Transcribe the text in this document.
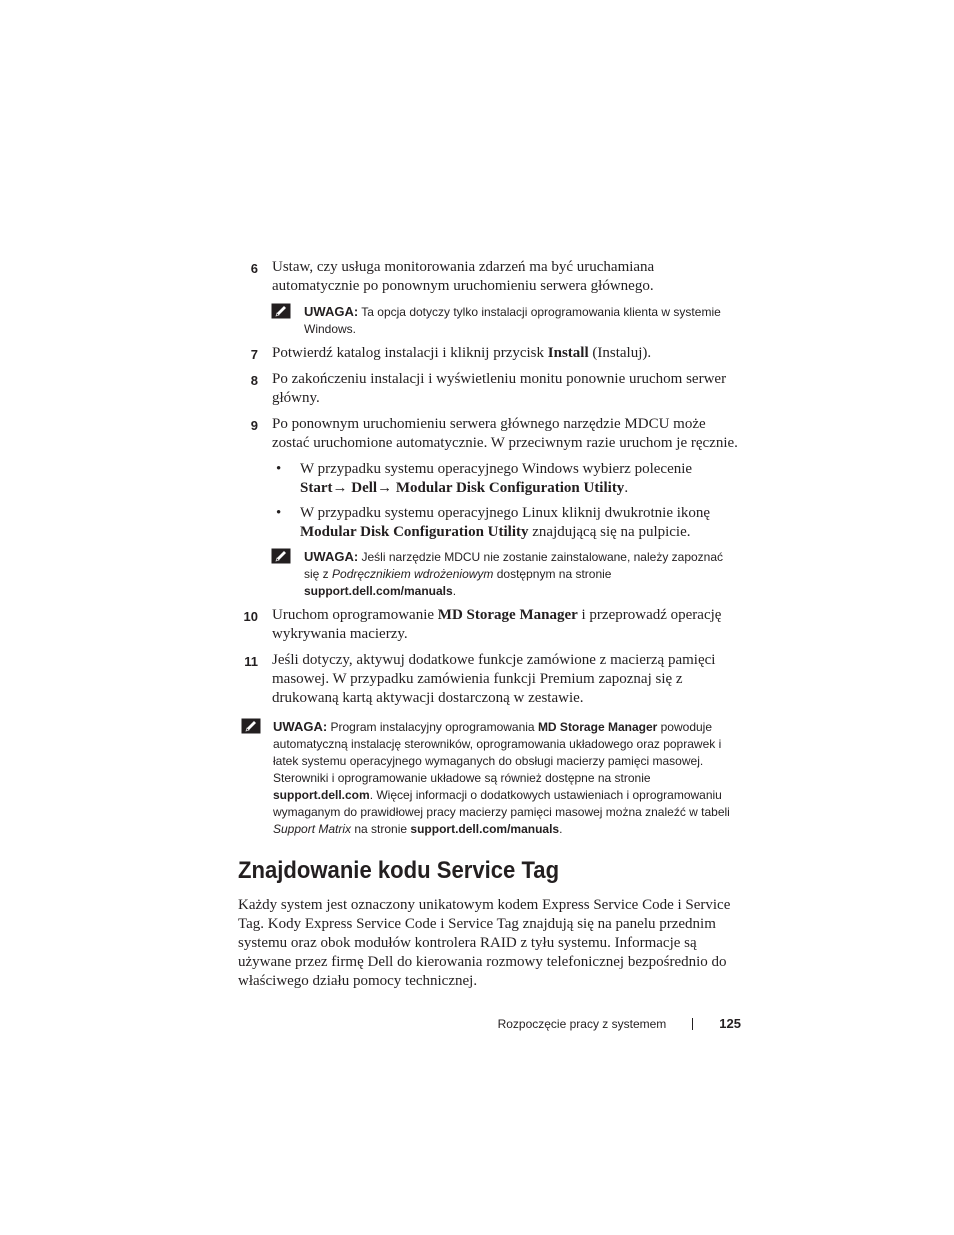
6 Ustaw, czy usługa monitorowania zdarzeń ma być uruchamiana automatycznie po ponownym uruchomieniu serwera głównego.
UWAGA: Ta opcja dotyczy tylko instalacji oprogramowania klienta w systemie Windows.
7 Potwierdź katalog instalacji i kliknij przycisk Install (Instaluj).
8 Po zakończeniu instalacji i wyświetleniu monitu ponownie uruchom serwer główny.
9 Po ponownym uruchomieniu serwera głównego narzędzie MDCU może zostać uruchomione automatycznie. W przeciwnym razie uruchom je ręcznie.
• W przypadku systemu operacyjnego Windows wybierz polecenie Start→ Dell→ Modular Disk Configuration Utility.
• W przypadku systemu operacyjnego Linux kliknij dwukrotnie ikonę Modular Disk Configuration Utility znajdującą się na pulpicie.
UWAGA: Jeśli narzędzie MDCU nie zostanie zainstalowane, należy zapoznać się z Podręcznikiem wdrożeniowym dostępnym na stronie support.dell.com/manuals.
10 Uruchom oprogramowanie MD Storage Manager i przeprowadź operację wykrywania macierzy.
11 Jeśli dotyczy, aktywuj dodatkowe funkcje zamówione z macierzą pamięci masowej. W przypadku zamówienia funkcji Premium zapoznaj się z drukowaną kartą aktywacji dostarczoną w zestawie.
UWAGA: Program instalacyjny oprogramowania MD Storage Manager powoduje automatyczną instalację sterowników, oprogramowania układowego oraz poprawek i łatek systemu operacyjnego wymaganych do obsługi macierzy pamięci masowej. Sterowniki i oprogramowanie układowe są również dostępne na stronie support.dell.com. Więcej informacji o dodatkowych ustawieniach i oprogramowaniu wymaganym do prawidłowej pracy macierzy pamięci masowej można znaleźć w tabeli Support Matrix na stronie support.dell.com/manuals.
Znajdowanie kodu Service Tag

Każdy system jest oznaczony unikatowym kodem Express Service Code i Service Tag. Kody Express Service Code i Service Tag znajdują się na panelu przednim systemu oraz obok modułów kontrolera RAID z tyłu systemu. Informacje są używane przez firmę Dell do kierowania rozmowy telefonicznej bezpośrednio do właściwego działu pomocy technicznej.

Rozpoczęcie pracy z systemem	125
